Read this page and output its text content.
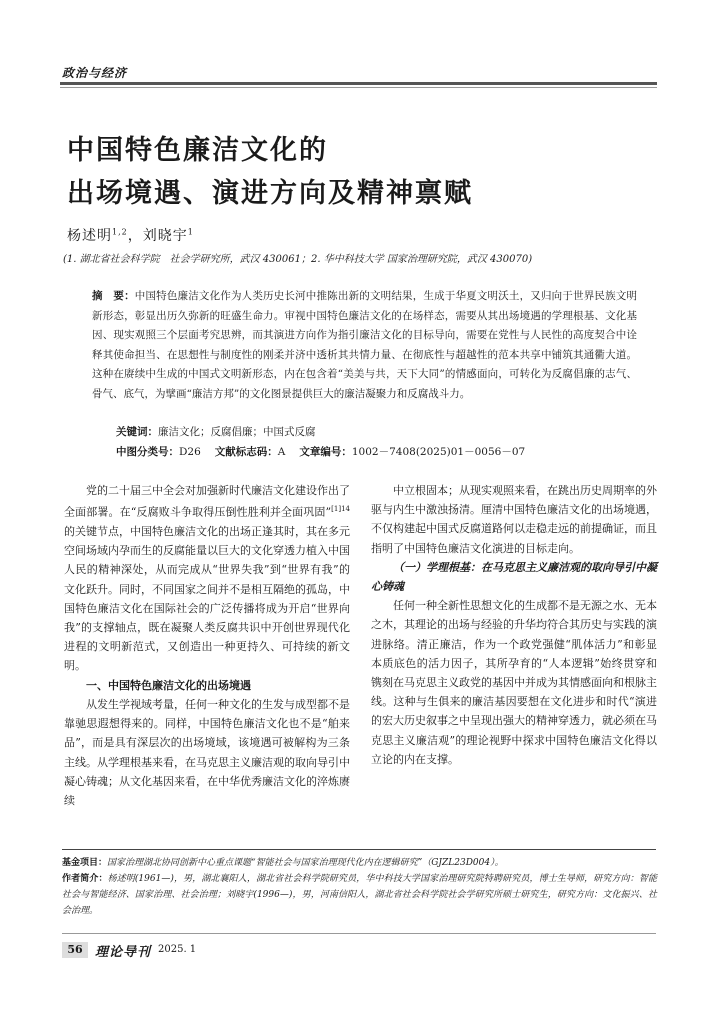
政治与经济
中国特色廉洁文化的
出场境遇、演进方向及精神禀赋
杨述明$^{1,2}$，刘晓宇$^1$
(1. 湖北省社会科学院　社会学研究所，武汉 430061；2. 华中科技大学 国家治理研究院，武汉 430070)
摘　要：中国特色廉洁文化作为人类历史长河中推陈出新的文明结果，生成于华夏文明沃土，又归向于世界民族文明新形态，彰显出历久弥新的旺盛生命力。审视中国特色廉洁文化的在场样态，需要从其出场境遇的学理根基、文化基因、现实观照三个层面考究思辨，而其演进方向作为指引廉洁文化的目标导向，需要在党性与人民性的高度契合中诠释其使命担当、在思想性与制度性的刚柔并济中透析其共情力量、在彻底性与超越性的范本共享中铺筑其通衢大道。这种在赓续中生成的中国式文明新形态，内在包含着“美美与共，天下大同”的情感面向，可转化为反腐倡廉的志气、骨气、底气，为擘画“廉洁方邦”的文化图景提供巨大的廉洁凝聚力和反腐战斗力。
关键词：廉洁文化；反腐倡廉；中国式反腐
中图分类号：D26 文献标志码：A 文章编号：1002－7408(2025)01－0056－07

党的二十届三中全会对加强新时代廉洁文化建设作出了全面部署。在“反腐败斗争取得压倒性胜利并全面巩固”$^{[1]14}$的关键节点，中国特色廉洁文化的出场正逢其时，其在多元空间场域内孕而生的反腐能量以巨大的文化穿透力植入中国人民的精神深处，从而完成从“世界失我”到“世界有我”的文化跃升。同时，不同国家之间并不是相互隔绝的孤岛，中国特色廉洁文化在国际社会的广泛传播将成为开启“世界向我”的支撑轴点，既在凝聚人类反腐共识中开创世界现代化进程的文明新范式，又创造出一种更持久、可持续的新文明。

一、中国特色廉洁文化的出场境遇

从发生学视域考量，任何一种文化的生发与成型都不是靠驰思遐想得来的。同样，中国特色廉洁文化也不是“舶来品”，而是具有深层次的出场境域，该境遇可被解构为三条主线。从学理根基来看，在马克思主义廉洁观的取向导引中凝心铸魂；从文化基因来看，在中华优秀廉洁文化的淬炼赓续

中立根固本；从现实观照来看，在跳出历史周期率的外驱与内生中激浊扬清。厘清中国特色廉洁文化的出场境遇，不仅构建起中国式反腐道路何以走稳走远的前提确证，而且指明了中国特色廉洁文化演进的目标走向。

（一）学理根基：在马克思主义廉洁观的取向导引中凝心铸魂

任何一种全新性思想文化的生成都不是无源之水、无本之木，其理论的出场与经验的升华均符合其历史与实践的演进脉络。清正廉洁，作为一个政党强健“肌体活力”和彰显本质底色的活力因子，其所孕育的“人本逻辑”始终贯穿和镌刻在马克思主义政党的基因中并成为其情感面向和根脉主线。这种与生俱来的廉洁基因要想在文化进步和时代“演进的宏大历史叙事之中呈现出强大的精神穿透力，就必须在马克思主义廉洁观”的理论视野中探求中国特色廉洁文化得以立论的内在支撑。

基金项目：国家治理湖北协同创新中心重点课题“智能社会与国家治理现代化内在逻辑研究”（GJZL23D004）。
作者简介：杨述明(1961—)，男，湖北襄阳人，湖北省社会科学院研究员，华中科技大学国家治理研究院特聘研究员，博士生导师，研究方向：智能社会与智能经济、国家治理、社会治理；刘晓宇(1996—)，男，河南信阳人，湖北省社会科学院社会学研究所硕士研究生，研究方向：文化振兴、社会治理。
56 理论导刊 2025. 1
